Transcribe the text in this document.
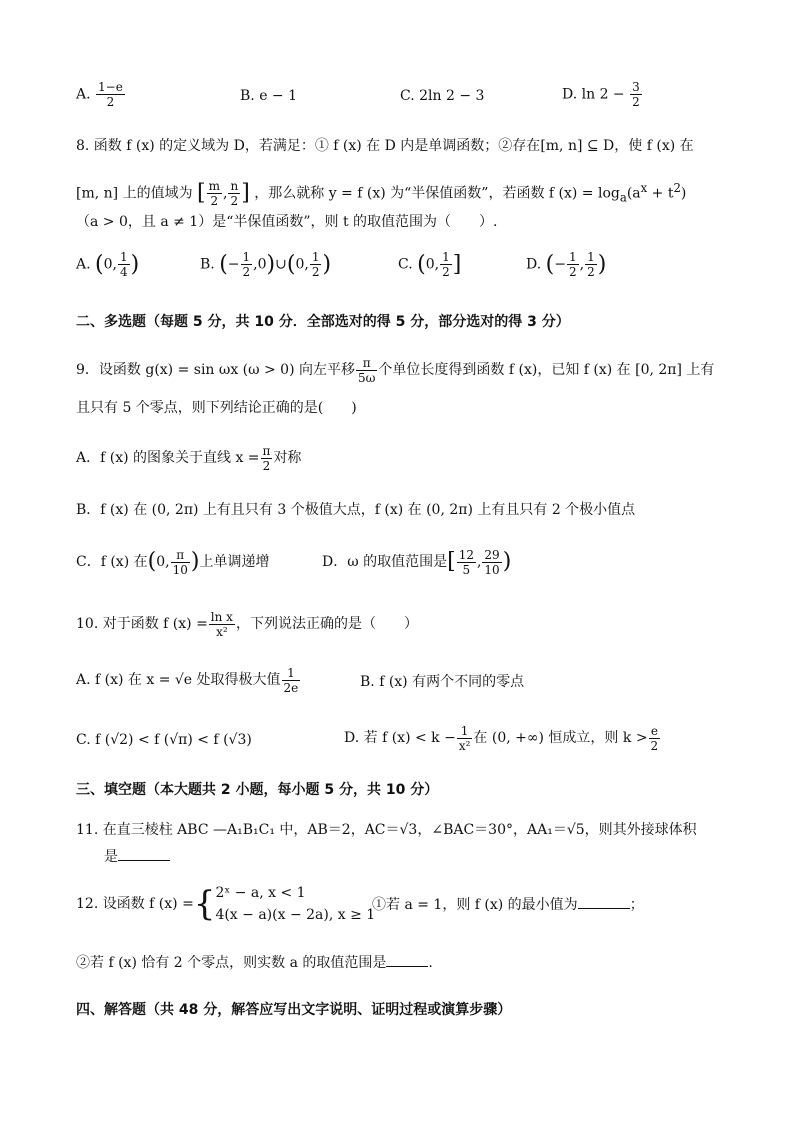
A. $\frac{1-e}{2}$	B. e − 1	C. 2ln 2 − 3	D. $\ln 2 - \frac{3}{2}$
8. 函数 f (x) 的定义域为 D，若满足：① f (x) 在 D 内是单调函数；②存在[m, n] ⊆ D，使 f (x) 在
[m, n] 上的值域为 [ $\frac{m}{2}$ , $\frac{n}{2}$ ] ，那么就称 y = f (x) 为“半保值函数”，若函数 f $(x) = \log_a(a^x + t^2)$
（a > 0，且 a ≠ 1）是“半保值函数”，则 t 的取值范围为（　　）.
A. (0, $\frac{1}{4}$ )	B. (− $\frac{1}{2}$ ,0)∪(0, $\frac{1}{2}$ )	C. (0, $\frac{1}{2}$ ]	D. (− $\frac{1}{2}$ , $\frac{1}{2}$ )
二、多选题（每题 5 分，共 10 分．全部选对的得 5 分，部分选对的得 3 分）
9．设函数 g(x) = sin ωx (ω > 0) 向左平移 $\frac{\pi}{5\omega}$ 个单位长度得到函数 f (x)，已知 f (x) 在 [0, 2π] 上有
且只有 5 个零点，则下列结论正确的是(　　)
A．f (x) 的图象关于直线 $x = \frac{\pi}{2}$ 对称
B．f (x) 在 (0, 2π) 上有且只有 3 个极值大点，f (x) 在 (0, 2π) 上有且只有 2 个极小值点
C．f (x) 在(0, $\frac{\pi}{10}$ )上单调递增	D．ω 的取值范围是[ $\frac{12}{5}$ , $\frac{29}{10}$ )
10. 对于函数 f $(x) = \frac{\text{ln x}}{\text{x²}}$ ，下列说法正确的是（　　）
A. f (x) 在 x = √e 处取得极大值 $\frac{1}{2e}$	B. f (x) 有两个不同的零点
C. f (√2) < f (√π) < f (√3)	D. 若 f $(x) < k - \frac{1}{\text{x²}}$ 在 (0, +∞) 恒成立，则 $k > \frac{e}{2}$
三、填空题（本大题共 2 小题，每小题 5 分，共 10 分）
11. 在直三棱柱 ABC —A₁B₁C₁ 中，AB＝2，AC＝√3，∠BAC＝30°，AA₁＝√5，则其外接球体积
是
12. 设函数 f (x) ={ 2ˣ − a, x < 1
4(x − a)(x − 2a), x ≥ 1
①若 a = 1，则 f (x) 的最小值为	；
②若 f (x) 恰有 2 个零点，则实数 a 的取值范围是	.
四、解答题（共 48 分，解答应写出文字说明、证明过程或演算步骤）
